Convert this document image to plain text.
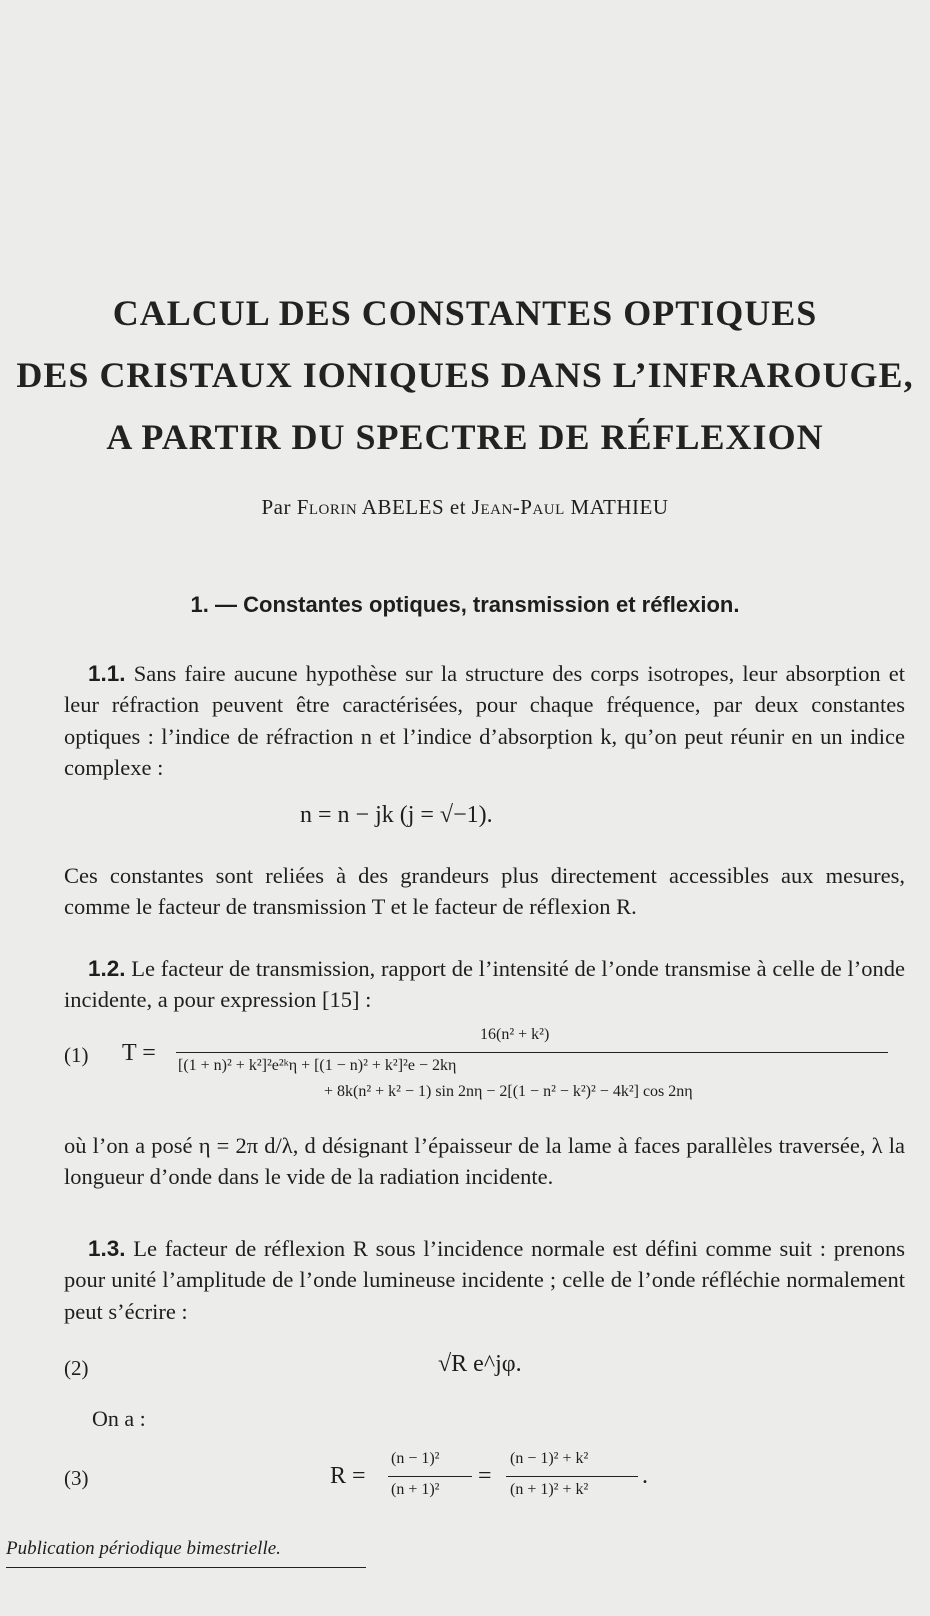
CALCUL DES CONSTANTES OPTIQUES
DES CRISTAUX IONIQUES DANS L’INFRAROUGE,
A PARTIR DU SPECTRE DE RÉFLEXION
Par Florin ABELES et Jean-Paul MATHIEU
1. — Constantes optiques, transmission et réflexion.

1.1. Sans faire aucune hypothèse sur la structure des corps isotropes, leur absorption et leur réfraction peuvent être caractérisées, pour chaque fréquence, par deux constantes optiques : l’indice de réfraction n et l’indice d’absorption k, qu’on peut réunir en un indice complexe :

n = n − jk (j = √−1).

Ces constantes sont reliées à des grandeurs plus directement accessibles aux mesures, comme le facteur de transmission T et le facteur de réflexion R.

1.2. Le facteur de transmission, rapport de l’intensité de l’onde transmise à celle de l’onde incidente, a pour expression [15] :

(1) T =
16(n² + k²)
[(1 + n)² + k²]²e²ᵏη + [(1 − n)² + k²]²e − 2kη
+ 8k(n² + k² − 1) sin 2nη − 2[(1 − n² − k²)² − 4k²] cos 2nη

où l’on a posé η = 2π d/λ, d désignant l’épaisseur de la lame à faces parallèles traversée, λ la longueur d’onde dans le vide de la radiation incidente.

1.3. Le facteur de réflexion R sous l’incidence normale est défini comme suit : prenons pour unité l’amplitude de l’onde lumineuse incidente ; celle de l’onde réfléchie normalement peut s’écrire :

(2)	√R e^jφ.
On a :
(3)	R =
(n − 1)²
(n + 1)²
=
(n − 1)² + k²
(n + 1)² + k²
.
Publication périodique bimestrielle.
